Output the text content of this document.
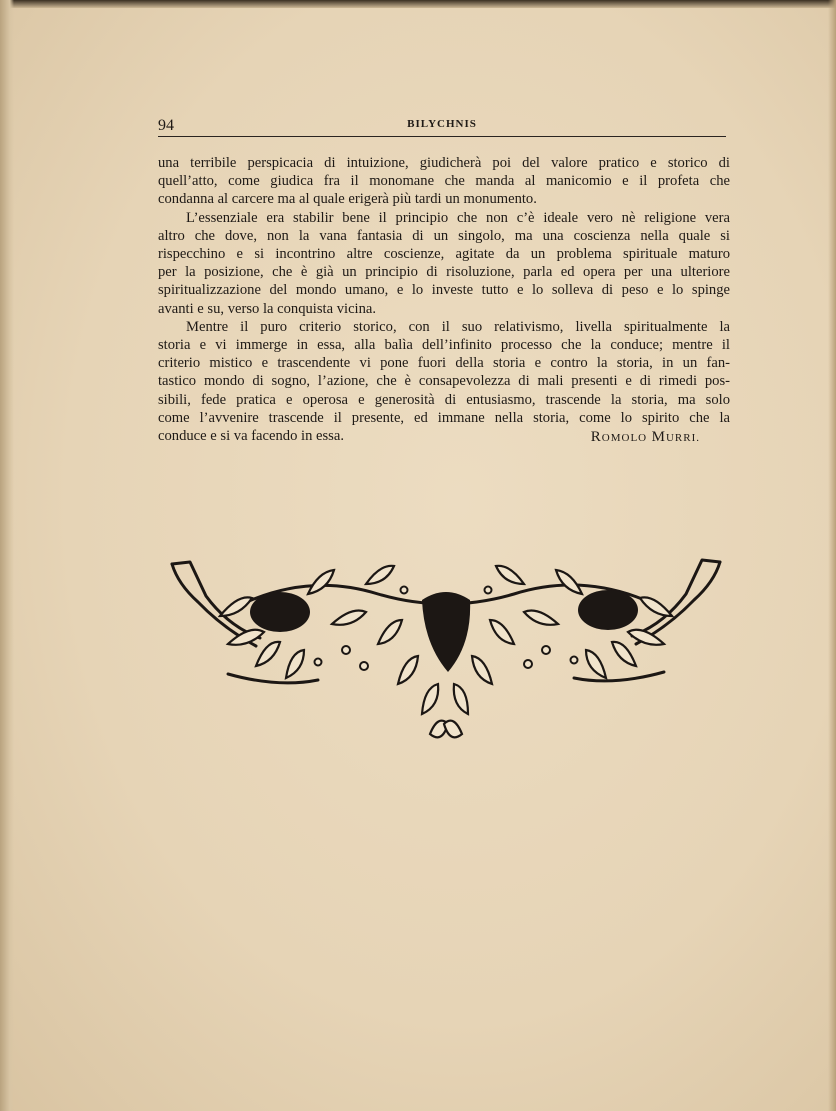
94	BILYCHNIS
una terribile perspicacia di intuizione, giudicherà poi del valore pratico e storico di
quell’atto, come giudica fra il monomane che manda al manicomio e il profeta che
condanna al carcere ma al quale erigerà più tardi un monumento.
L’essenziale era stabilir bene il principio che non c’è ideale vero nè religione vera
altro che dove, non la vana fantasia di un singolo, ma una coscienza nella quale si
rispecchino e si incontrino altre coscienze, agitate da un problema spirituale maturo
per la posizione, che è già un principio di risoluzione, parla ed opera per una ulteriore
spiritualizzazione del mondo umano, e lo investe tutto e lo solleva di peso e lo spinge
avanti e su, verso la conquista vicina.
Mentre il puro criterio storico, con il suo relativismo, livella spiritualmente la
storia e vi immerge in essa, alla balìa dell’infinito processo che la conduce; mentre il
criterio mistico e trascendente vi pone fuori della storia e contro la storia, in un fan-
tastico mondo di sogno, l’azione, che è consapevolezza di mali presenti e di rimedi pos-
sibili, fede pratica e operosa e generosità di entusiasmo, trascende la storia, ma solo
come l’avvenire trascende il presente, ed immane nella storia, come lo spirito che la
conduce e si va facendo in essa.	ROMOLO MURRI.
